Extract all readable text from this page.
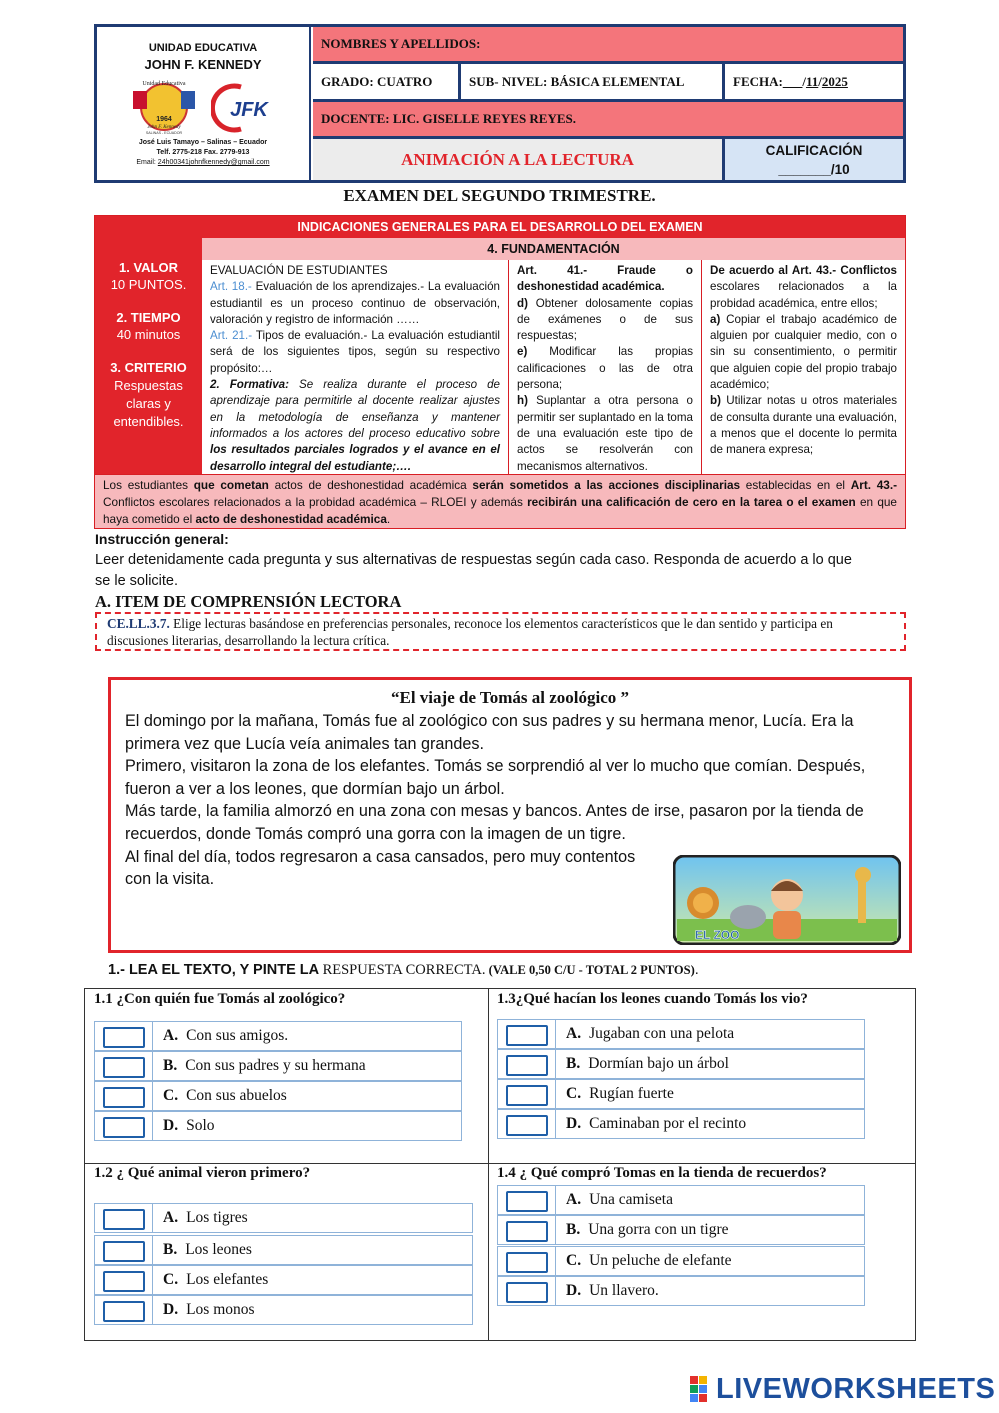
UNIDAD EDUCATIVA
JOHN F. KENNEDY
Unidad Educativa
1964
John F. Kennedy
SALINAS - ECUADOR
JFK
José Luis Tamayo – Salinas – Ecuador
Telf. 2775-218 Fax. 2779-913
Email: 24h00341johnfkennedy@gmail.com
NOMBRES Y APELLIDOS:
GRADO: CUATRO	SUB- NIVEL: BÁSICA ELEMENTAL	FECHA: ___ / 11 / 2025
DOCENTE: LIC. GISELLE REYES REYES.
ANIMACIÓN A LA LECTURA	CALIFICACIÓN
_______/10
EXAMEN DEL SEGUNDO TRIMESTRE.
INDICACIONES GENERALES PARA EL DESARROLLO DEL EXAMEN
1. VALOR
10 PUNTOS.
2. TIEMPO
40 minutos
3. CRITERIO
Respuestas claras y entendibles.
4. FUNDAMENTACIÓN
EVALUACIÓN DE ESTUDIANTES
Art. 18.- Evaluación de los aprendizajes.- La evaluación estudiantil es un proceso continuo de observación, valoración y registro de información ……
Art. 21.- Tipos de evaluación.- La evaluación estudiantil será de los siguientes tipos, según su respectivo propósito:…
2. Formativa: Se realiza durante el proceso de aprendizaje para permitirle al docente realizar ajustes en la metodología de enseñanza y mantener informados a los actores del proceso educativo sobre los resultados parciales logrados y el avance en el desarrollo integral del estudiante;….
Art. 41.- Fraude o deshonestidad académica.
d) Obtener dolosamente copias de exámenes o de sus respuestas;
e) Modificar las propias calificaciones o las de otra persona;
h) Suplantar a otra persona o permitir ser suplantado en la toma de una evaluación este tipo de actos se resolverán con mecanismos alternativos.
De acuerdo al Art. 43.- Conflictos escolares relacionados a la probidad académica, entre ellos;
a) Copiar el trabajo académico de alguien por cualquier medio, con o sin su consentimiento, o permitir que alguien copie del propio trabajo académico;
b) Utilizar notas u otros materiales de consulta durante una evaluación, a menos que el docente lo permita de manera expresa;
Los estudiantes que cometan actos de deshonestidad académica serán sometidos a las acciones disciplinarias establecidas en el Art. 43.- Conflictos escolares relacionados a la probidad académica – RLOEI y además recibirán una calificación de cero en la tarea o el examen en que haya cometido el acto de deshonestidad académica.
Instrucción general:
Leer detenidamente cada pregunta y sus alternativas de respuestas según cada caso. Responda de acuerdo a lo que se le solicite.
A. ITEM DE COMPRENSIÓN LECTORA
CE.LL.3.7. Elige lecturas basándose en preferencias personales, reconoce los elementos característicos que le dan sentido y participa en discusiones literarias, desarrollando la lectura crítica.
“El viaje de Tomás al zoológico ”
El domingo por la mañana, Tomás fue al zoológico con sus padres y su hermana menor, Lucía. Era la primera vez que Lucía veía animales tan grandes.
Primero, visitaron la zona de los elefantes. Tomás se sorprendió al ver lo mucho que comían. Después, fueron a ver a los leones, que dormían bajo un árbol.
Más tarde, la familia almorzó en una zona con mesas y bancos. Antes de irse, pasaron por la tienda de recuerdos, donde Tomás compró una gorra con la imagen de un tigre.
Al final del día, todos regresaron a casa cansados, pero muy contentos con la visita.
EL ZOO
1.- LEA EL TEXTO, Y PINTE LA RESPUESTA CORRECTA. (VALE 0,50 C/U - TOTAL 2 PUNTOS).
1.1 ¿Con quién fue Tomás al zoológico?
A. Con sus amigos.
B. Con sus padres y su hermana
C. Con sus abuelos
D. Solo
1.3¿Qué hacían los leones cuando Tomás los vio?
A. Jugaban con una pelota
B. Dormían bajo un árbol
C. Rugían fuerte
D. Caminaban por el recinto
1.2 ¿ Qué animal vieron primero?
A. Los tigres
B. Los leones
C. Los elefantes
D. Los monos
1.4 ¿ Qué compró Tomas en la tienda de recuerdos?
A. Una camiseta
B. Una gorra con un tigre
C. Un peluche de elefante
D. Un llavero.
LIVEWORKSHEETS
